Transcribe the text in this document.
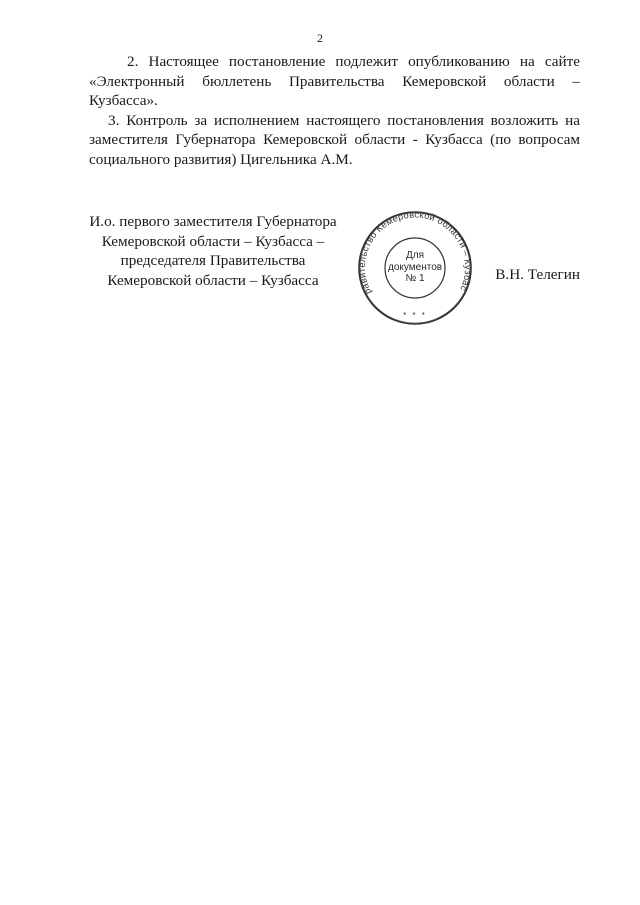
2

2. Настоящее постановление подлежит опубликованию на сайте «Электронный бюллетень Правительства Кемеровской области – Кузбасса».

3. Контроль за исполнением настоящего постановления возложить на заместителя Губернатора Кемеровской области - Кузбасса (по вопросам социального развития) Цигельника А.М.

И.о. первого заместителя Губернатора
Кемеровской области – Кузбасса –
председателя Правительства
Кемеровской области – Кузбасса
равительство Кемеровской области – Кузбас
* * *
Для
документов
№ 1	В.Н. Телегин
